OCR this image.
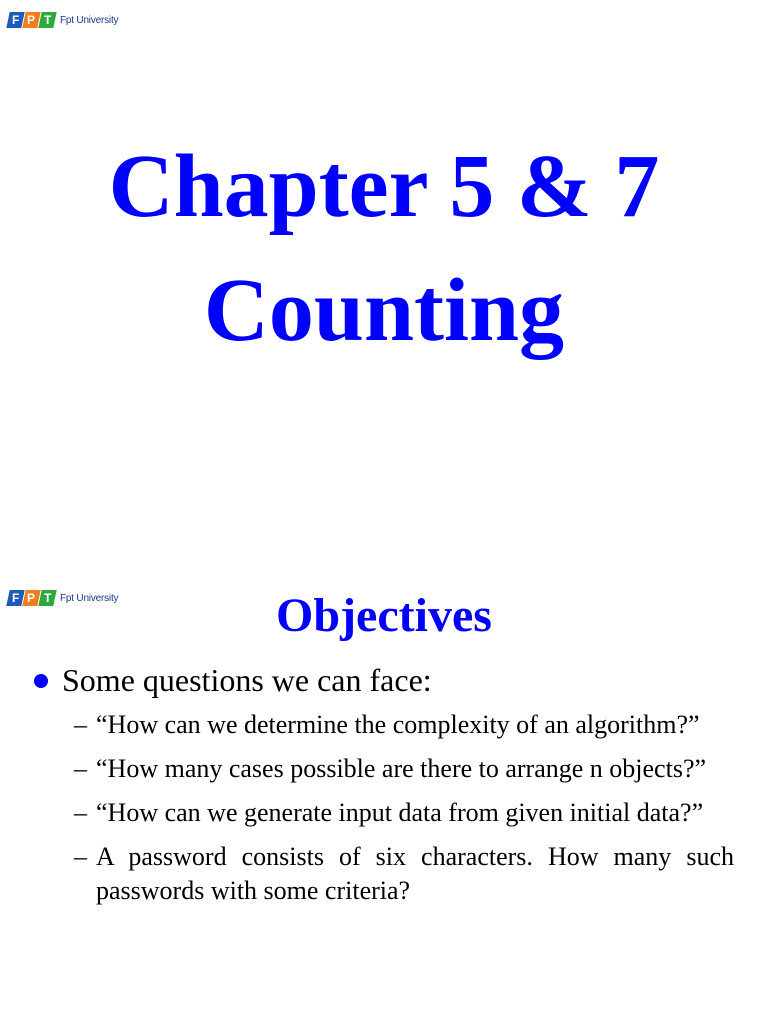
F P T Fpt University
Chapter 5 & 7
Counting
F P T Fpt University	Objectives
Some questions we can face:
– “How can we determine the complexity of an algorithm?”
– “How many cases possible are there to arrange n objects?”
– “How can we generate input data from given initial data?”
– A password consists of six characters. How many such passwords with some criteria?
